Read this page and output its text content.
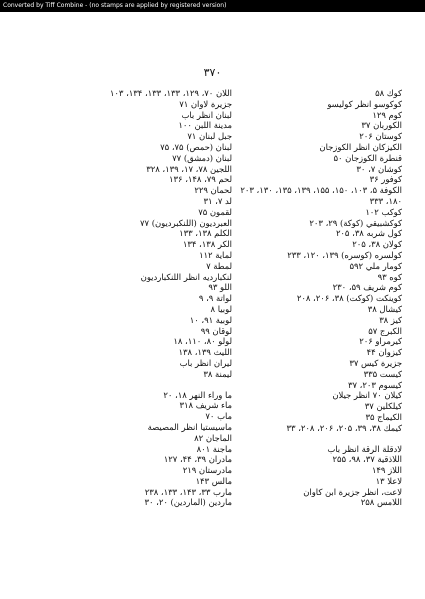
Converted by Tiff Combine - (no stamps are applied by registered version)
۳۷۰
كوك ۵۸
كوكوسو انظر كوليسو
كوم ۱۲۹
الكوربان ۳۷
كوستان ۲۰۶
الكيزكان انظر الكوزجان
قنطرة الكوزجان ۵۰
كوشان ۷، ۳۰
كوفور ۳۶
الكوفة ۵، ۱۰۳، ۱۵۰، ۱۵۵، ۱۳۹، ۱۳۵، ۱۳۰، ۲۰۳
۱۸۰، ۳۳۳
كوكب ۱۰۲
كوكشبيقي (كوكة) ۲۹، ۲۰۳
كول شربه ۳۸، ۲۰۵
كولان ۳۸، ۲۰۵
كولسره (كوسره) ۱۳۹، ۱۲۰، ۲۳۳
كومار ملي ۵۹۲
كوه ۹۳
كوم شريف ۵۹، ۲۳۰
كوينكت (كوكت) ۳۸، ۲۰۶، ۲۰۸
كيشال ۳۸
كيز ۳۸
الكبرج ۵۷
كيرمراو ۲۰۶
كيزوان ۴۴
جزيرة كيس ۳۷
كيست ۳۳۵
كيسوم ۲۰۳، ۳۷
كيلان ۷۰ انظر جيلان
كيلكلين ۳۷
الكيماج ۳۵
كيمك ۳۸، ۳۹، ۲۰۵، ۲۰۶، ۲۰۸، ۳۳
لادقلة الرقة انظر باب
اللاذقية ۳۷، ۹۸، ۲۵۵
اللاز ۱۴۹
لاعلا ۱۳
لاعت، انظر جزيرة ابن كاوان
اللامس ۲۵۸
اللان ۷۰، ۱۲۹، ۱۳۳، ۱۳۳، ۱۳۴، ۱۰۳
جزيرة لاوان ۷۱
لبنان انظر باب
مدينة اللبن ۱۰۰
جبل لبنان ۷۱
لبنان (حمص) ۷۵، ۷۵
لبنان (دمشق) ۷۷
اللجين ۷۸، ۱۷، ۱۳۹، ۳۲۸
لحم ۷۹، ۱۴۸، ۱۳۶
لحمان ۲۲۹
لد ۷، ۳۱
لقمون ۷۵
العبرديون (اللنكبرديون) ۷۷
الكلم ۱۳۸، ۱۳۳
الكر ۱۳۸، ۱۳۴
لماية ۱۱۲
لمطة ۷
لنكبارديه انظر اللنكبارديون
اللو ۹۳
لواتة ۹، ۹
لوبيا ۸
لوبية ۹۱، ۱۰
لوقان ۹۹
لولو ۸۰، ۱۱۰، ۱۸
الليث ۱۳۹، ۱۳۸
ليران انظر باب
ليمنة ۳۸
ما وراء النهر ۱۸، ۲۰
ماء شريف ۳۱۸
ماب ۷۰
ماسيستيا انظر المصيصة
الماجان ۸۲
ماجنة ۸۰۱
مادران ۳۹، ۴۴، ۱۲۷
مادرستان ۲۱۹
مالس ۱۴۳
مارب ۳۳، ۱۴۳، ۱۳۳، ۲۳۸
ماردين (الماردين) ۲۰، ۳۰
